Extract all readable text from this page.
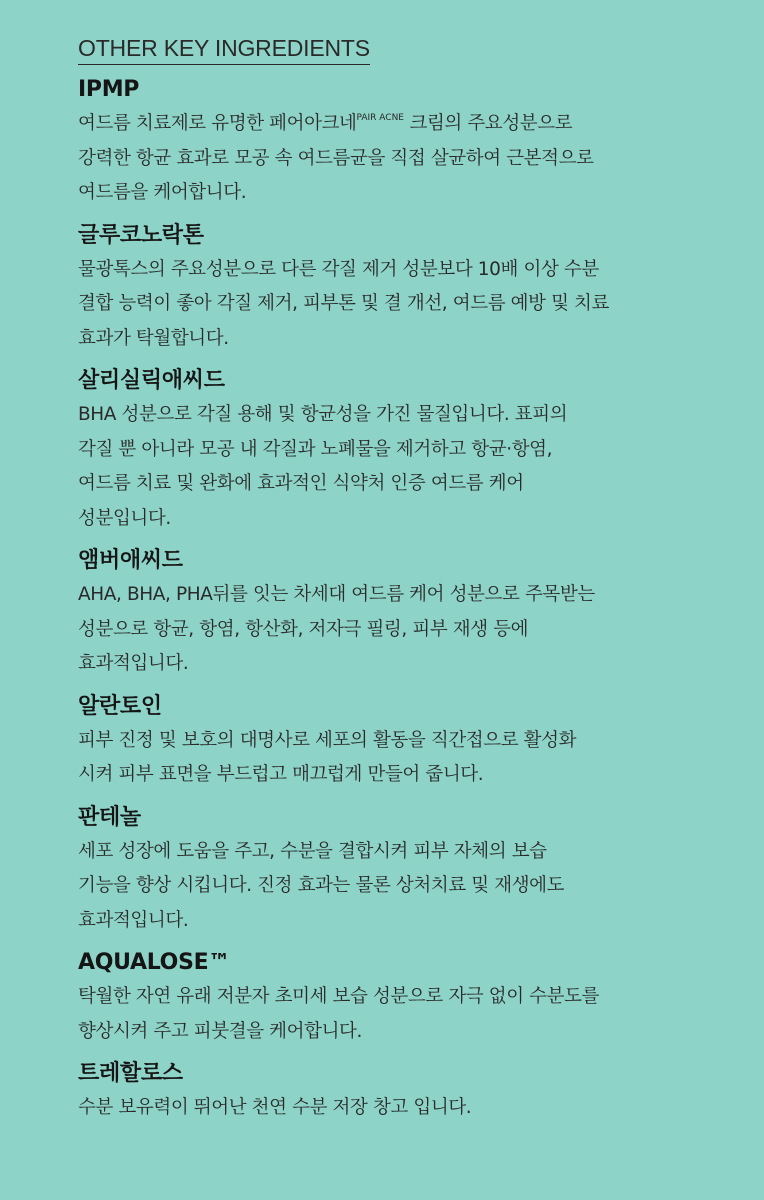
OTHER KEY INGREDIENTS
IPMP

여드름 치료제로 유명한 페어아크네$^{PAIR ACNE}$ 크림의 주요성분으로
강력한 항균 효과로 모공 속 여드름균을 직접 살균하여 근본적으로
여드름을 케어합니다.

글루코노락톤

물광톡스의 주요성분으로 다른 각질 제거 성분보다 10배 이상 수분
결합 능력이 좋아 각질 제거, 피부톤 및 결 개선, 여드름 예방 및 치료
효과가 탁월합니다.

살리실릭애씨드

BHA 성분으로 각질 용해 및 항균성을 가진 물질입니다. 표피의
각질 뿐 아니라 모공 내 각질과 노폐물을 제거하고 항균·항염,
여드름 치료 및 완화에 효과적인 식약처 인증 여드름 케어
성분입니다.

앰버애씨드

AHA, BHA, PHA뒤를 잇는 차세대 여드름 케어 성분으로 주목받는
성분으로 항균, 항염, 항산화, 저자극 필링, 피부 재생 등에
효과적입니다.

알란토인

피부 진정 및 보호의 대명사로 세포의 활동을 직간접으로 활성화
시켜 피부 표면을 부드럽고 매끄럽게 만들어 줍니다.

판테놀

세포 성장에 도움을 주고, 수분을 결합시켜 피부 자체의 보습
기능을 향상 시킵니다. 진정 효과는 물론 상처치료 및 재생에도
효과적입니다.

AQUALOSE™

탁월한 자연 유래 저분자 초미세 보습 성분으로 자극 없이 수분도를
향상시켜 주고 피붓결을 케어합니다.

트레할로스

수분 보유력이 뛰어난 천연 수분 저장 창고 입니다.
